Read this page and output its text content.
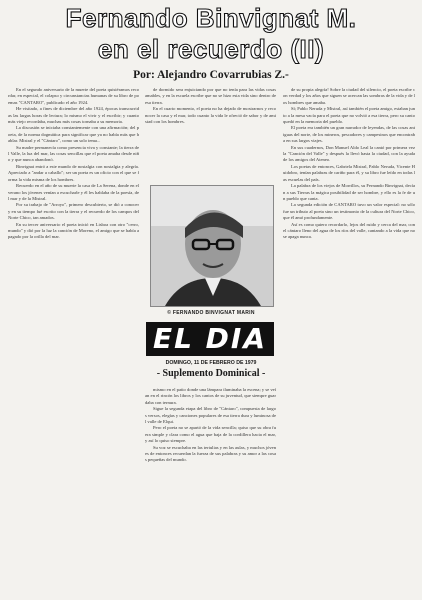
Fernando Binvignat M.
en el recuerdo (II)
Por: Alejandro Covarrubias Z.-

En el segundo aniversario de la muerte del poeta quisiéramos recordar, en especial, el colapso y circunstancias humanas de su libro de poemas "CANTARO", publicado el año 1924.

He visitado, a fines de diciembre del año 1924, épocas transcurridas las largas horas de lectura; lo mismo el vivir y el escribir; y cuanto más viejo recordaba, muchas más cosas tornaba a su memoria.

La discusión se iniciaba constantemente con una afirmación; del poeta, de la norma dogmática para significar que ya no había más que hablar. Mistral y el "Cántaro", como un solo tema...

Su madre permanecía como presencia viva y constante; la tierra del Valle, la luz del mar, las cosas sencillas que el poeta amaba desde niño y que nunca abandonó.

Binvignat entró a este mundo de nostalgia con nostalgia y alegría. Apreciado a "andar a caballo"; ser un poeta es un oficio con el que se forma la vida misma de los hombres.

Recuerdo en el año de su muerte la casa de La Serena, donde en el verano los jóvenes venían a escucharle y él les hablaba de la poesía, del mar y de la Mistral.

Por su trabajo de "Arroyo", primero descubierto, se dió a conocer y en su tiempo fué escrito con la tierra y el recuerdo de los campos del Norte Chico, tan amados.

En su tercer aniversario el poeta inició en Lisboa con otro "cerro, mundo" y dió por la luz la canción de Moreno, el amigo que se había apagado por la orilla del mar.

de dormido sera enjuiciando por que no tenía para las vidas cosas amables, y en la escuela escribe que no se hizo esta vida sino dentro de esa tierra.

En el cuarto momento, el poeta no ha dejado de mostrarnos y reconocer la casa y el mar, todo cuanto la vida le ofreció de sabor y de amistad con los hombres.

© FERNANDO BINVIGNAT MARIN
EL DIA
DOMINGO, 11 DE FEBRERO DE 1979
- Suplemento Dominical -

mismo en el patio donde una lámpara iluminaba la escena; y se veían en el rincón los libros y los cantos de su juventud, que siempre guardaba con ternura.

Sigue la segunda etapa del libro de "Cántaro", compuesta de largos versos, elegías y canciones populares de esa tierra dura y luminosa del valle de Elqui.

Pero el poeta no se apartó de la vida sencilla; quiso que su obra fuera simple y clara como el agua que baja de la cordillera hacia el mar, y así lo quiso siempre.

Su voz se escuchaba en las tertulias y en las aulas, y muchos jóvenes de entonces recuerdan la fuerza de sus palabras y su amor a las cosas pequeñas del mundo.

de su propia alegría! Sobre la ciudad del silencio, el poeta escribe con verdad y los años que siguen se acercan las sombras de la vida y de los hombres que amaba.

Sí; Pablo Neruda y Mistral, así también el poeta amigo, estaban junto a la mesa vacía para el poeta que no volvió a esa tierra, pero su canto quedó en la memoria del pueblo.

El poeta era también un gran narrador de leyendas, de las cosas antiguas del norte, de los mineros, pescadores y campesinos que encontraba en sus largos viajes.

En sus cuadernos, Don Manuel Aldo Leal la cantó por primera vez la "Canción del Valle" y después la llevó hasta la ciudad, con la ayuda de los amigos del Ateneo.

Los poetas de entonces, Gabriela Mistral, Pablo Neruda, Vicente Huidobro, tenían palabras de cariño para él, y su libro fue leído en todas las escuelas del país.

La palabra de los viejos de Morrillos, su Fernando Binvignat, decían a sus Tierras la mágica posibilidad de ser hombre, y ello es la fe de un pueblo que canta.

La segunda edición de CANTARO tuvo un valor especial: no sólo fue un tributo al poeta sino un testimonio de la cultura del Norte Chico, que él amó profundamente.

Así es como quiero recordarlo, lejos del ruido y cerca del mar, con el cántaro lleno del agua de los ríos del valle, cantando a la vida que no se apaga nunca.
